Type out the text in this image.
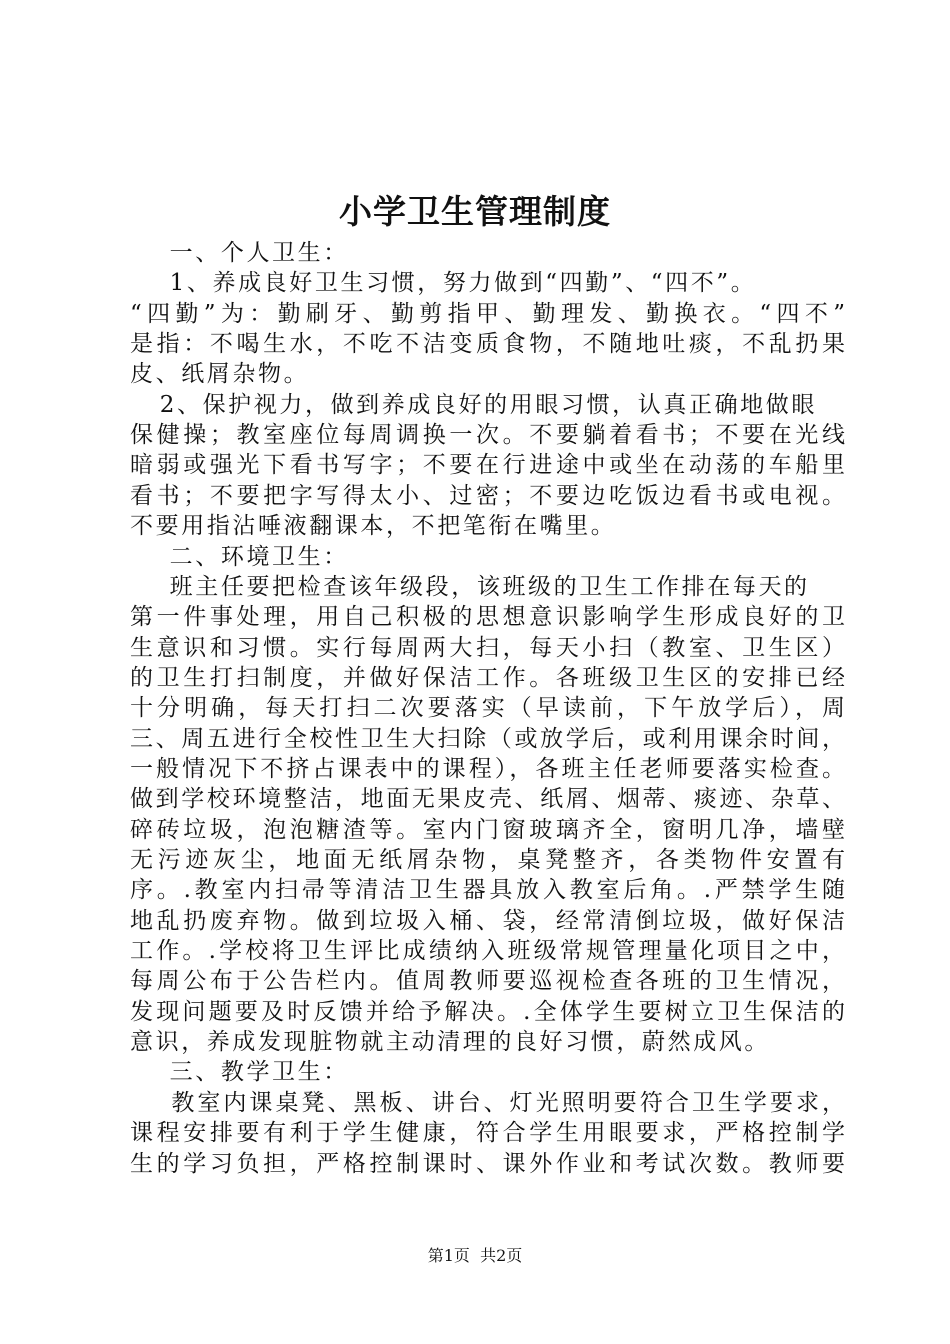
小学卫生管理制度
一、个人卫生：
1、养成良好卫生习惯，努力做到“四勤”、“四不”。
“四勤”为：勤刷牙、勤剪指甲、勤理发、勤换衣。“四不”
是指：不喝生水，不吃不洁变质食物，不随地吐痰，不乱扔果
皮、纸屑杂物。
2、保护视力，做到养成良好的用眼习惯，认真正确地做眼
保健操；教室座位每周调换一次。不要躺着看书；不要在光线
暗弱或强光下看书写字；不要在行进途中或坐在动荡的车船里
看书；不要把字写得太小、过密；不要边吃饭边看书或电视。
不要用指沾唾液翻课本，不把笔衔在嘴里。
二、环境卫生：
班主任要把检查该年级段，该班级的卫生工作排在每天的
第一件事处理，用自己积极的思想意识影响学生形成良好的卫
生意识和习惯。实行每周两大扫，每天小扫（教室、卫生区）
的卫生打扫制度，并做好保洁工作。各班级卫生区的安排已经
十分明确，每天打扫二次要落实（早读前，下午放学后），周
三、周五进行全校性卫生大扫除（或放学后，或利用课余时间，
一般情况下不挤占课表中的课程），各班主任老师要落实检查。
做到学校环境整洁，地面无果皮壳、纸屑、烟蒂、痰迹、杂草、
碎砖垃圾，泡泡糖渣等。室内门窗玻璃齐全，窗明几净，墙壁
无污迹灰尘，地面无纸屑杂物，桌凳整齐，各类物件安置有
序。.教室内扫帚等清洁卫生器具放入教室后角。.严禁学生随
地乱扔废弃物。做到垃圾入桶、袋，经常清倒垃圾，做好保洁
工作。.学校将卫生评比成绩纳入班级常规管理量化项目之中，
每周公布于公告栏内。值周教师要巡视检查各班的卫生情况，
发现问题要及时反馈并给予解决。.全体学生要树立卫生保洁的
意识，养成发现脏物就主动清理的良好习惯，蔚然成风。
三、教学卫生：
教室内课桌凳、黑板、讲台、灯光照明要符合卫生学要求，
课程安排要有利于学生健康，符合学生用眼要求，严格控制学
生的学习负担，严格控制课时、课外作业和考试次数。教师要
第1页  共2页
